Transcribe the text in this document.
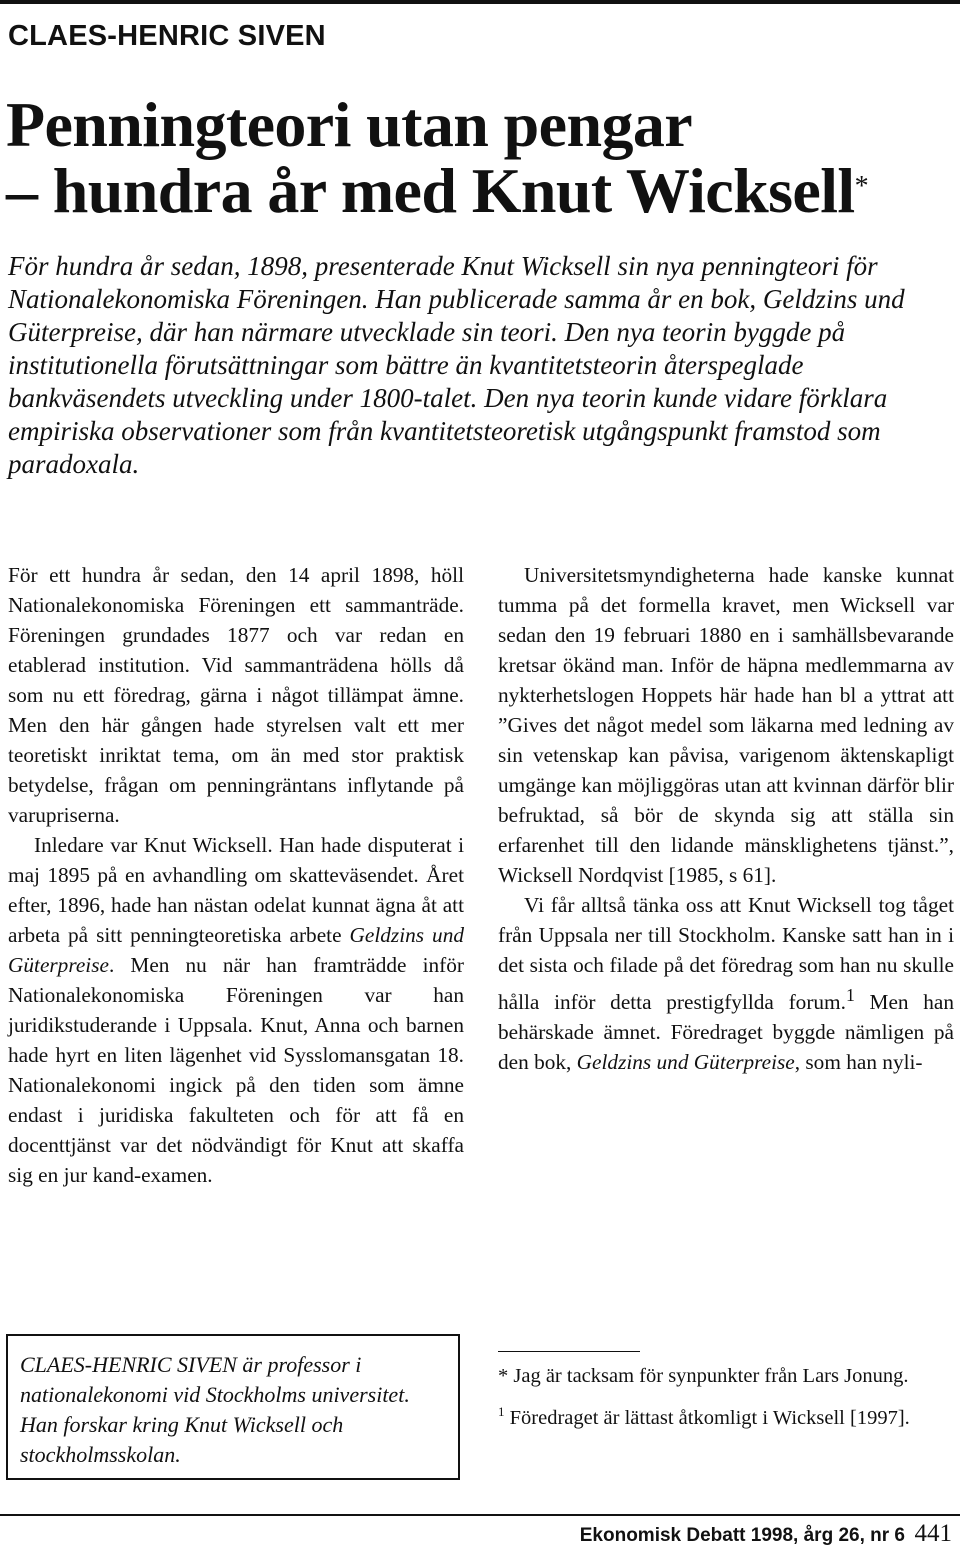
CLAES-HENRIC SIVEN
Penningteori utan pengar
– hundra år med Knut Wicksell*

För hundra år sedan, 1898, presenterade Knut Wicksell sin nya penningteori för Nationalekonomiska Föreningen. Han publicerade samma år en bok, Geldzins und Güterpreise, där han närmare utvecklade sin teori. Den nya teorin byggde på institutionella förutsättningar som bättre än kvantitetsteorin återspeglade bankväsendets utveckling under 1800-talet. Den nya teorin kunde vidare förklara empiriska observationer som från kvantitetsteoretisk utgångspunkt framstod som paradoxala.

För ett hundra år sedan, den 14 april 1898, höll Nationalekonomiska Föreningen ett sammanträde. Föreningen grundades 1877 och var redan en etablerad institution. Vid sammanträdena hölls då som nu ett föredrag, gärna i något tillämpat ämne. Men den här gången hade styrelsen valt ett mer teoretiskt inriktat tema, om än med stor praktisk betydelse, frågan om penningräntans inflytande på varupriserna.

Inledare var Knut Wicksell. Han hade disputerat i maj 1895 på en avhandling om skatteväsendet. Året efter, 1896, hade han nästan odelat kunnat ägna åt att arbeta på sitt penningteoretiska arbete Geldzins und Güterpreise. Men nu när han framträdde inför Nationalekonomiska Föreningen var han juridikstuderande i Uppsala. Knut, Anna och barnen hade hyrt en liten lägenhet vid Sysslomansgatan 18. Nationalekonomi ingick på den tiden som ämne endast i juridiska fakulteten och för att få en docenttjänst var det nödvändigt för Knut att skaffa sig en jur kand-examen.

Universitetsmyndigheterna hade kanske kunnat tumma på det formella kravet, men Wicksell var sedan den 19 februari 1880 en i samhällsbevarande kretsar ökänd man. Inför de häpna medlemmarna av nykterhetslogen Hoppets här hade han bl a yttrat att ”Gives det något medel som läkarna med ledning av sin vetenskap kan påvisa, varigenom äktenskapligt umgänge kan möjliggöras utan att kvinnan därför blir befruktad, så bör de skynda sig att ställa sin erfarenhet till den lidande mänsklighetens tjänst.”, Wicksell Nordqvist [1985, s 61].

Vi får alltså tänka oss att Knut Wicksell tog tåget från Uppsala ner till Stockholm. Kanske satt han in i det sista och filade på det föredrag som han nu skulle hålla inför detta prestigfyllda forum.$^1$ Men han behärskade ämnet. Föredraget byggde nämligen på den bok, Geldzins und Güterpreise, som han nyli-

CLAES-HENRIC SIVEN är professor i nationalekonomi vid Stockholms universitet. Han forskar kring Knut Wicksell och stockholmsskolan.

* Jag är tacksam för synpunkter från Lars Jonung.

$^1$ Föredraget är lättast åtkomligt i Wicksell [1997].

Ekonomisk Debatt 1998, årg 26, nr 6 441
